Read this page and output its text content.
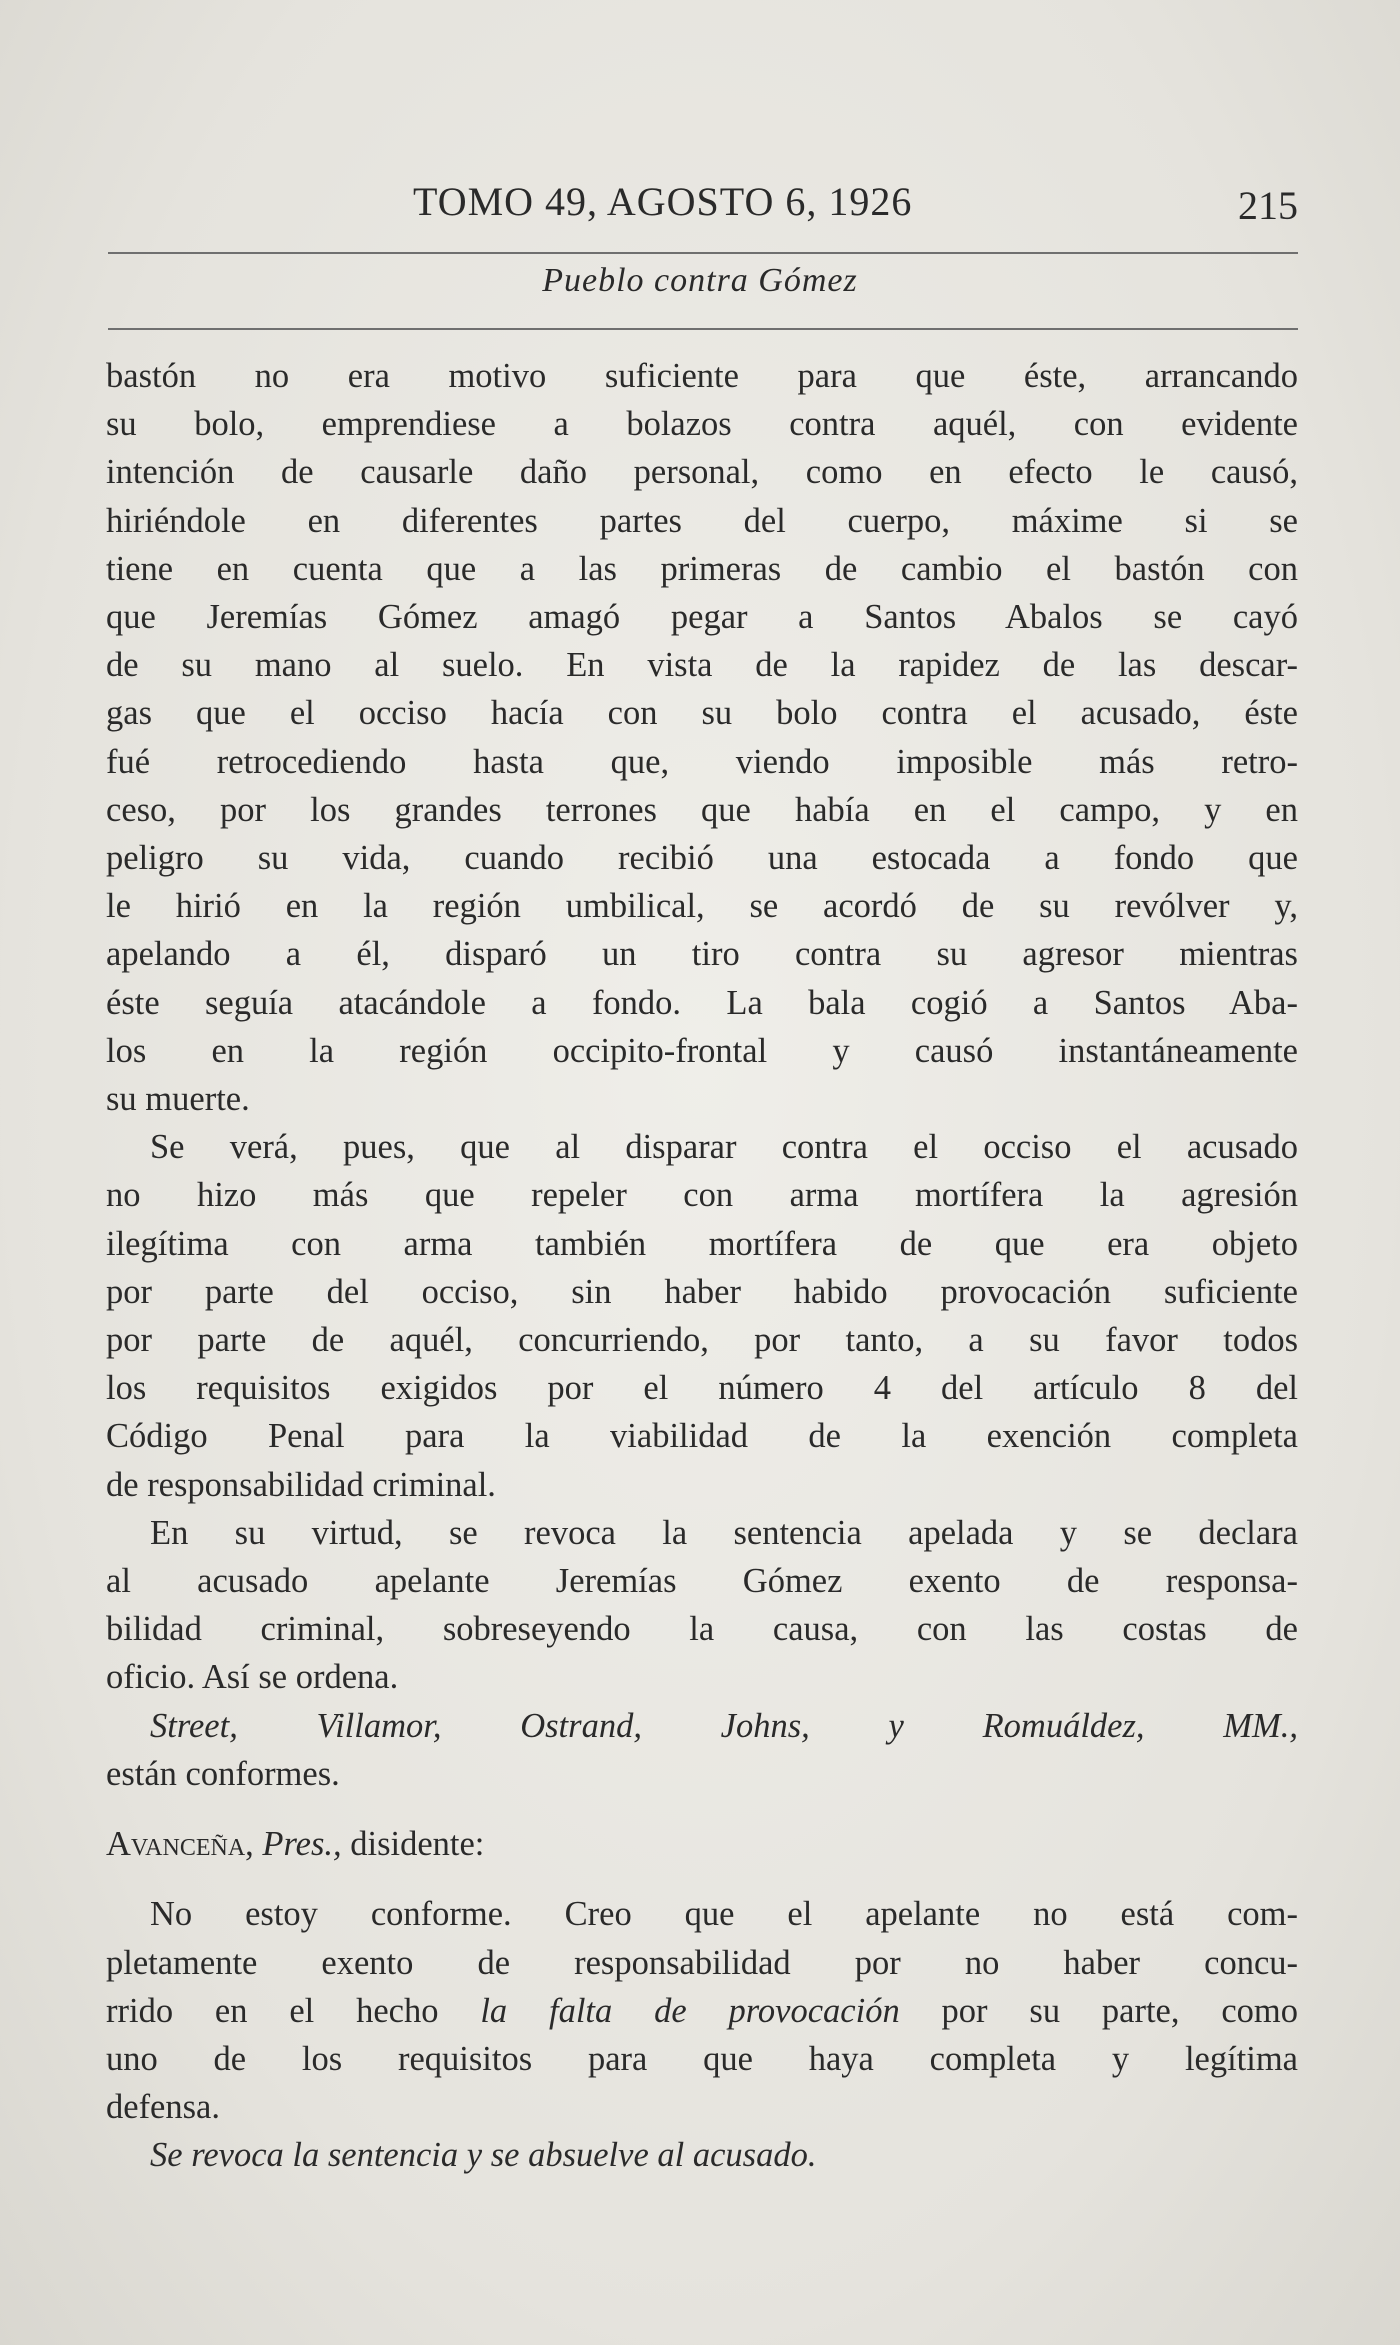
TOMO 49, AGOSTO 6, 1926	215
Pueblo contra Gómez
bastón no era motivo suficiente para que éste, arrancando
su bolo, emprendiese a bolazos contra aquél, con evidente
intención de causarle daño personal, como en efecto le causó,
hiriéndole en diferentes partes del cuerpo, máxime si se
tiene en cuenta que a las primeras de cambio el bastón con
que Jeremías Gómez amagó pegar a Santos Abalos se cayó
de su mano al suelo. En vista de la rapidez de las descar-
gas que el occiso hacía con su bolo contra el acusado, éste
fué retrocediendo hasta que, viendo imposible más retro-
ceso, por los grandes terrones que había en el campo, y en
peligro su vida, cuando recibió una estocada a fondo que
le hirió en la región umbilical, se acordó de su revólver y,
apelando a él, disparó un tiro contra su agresor mientras
éste seguía atacándole a fondo. La bala cogió a Santos Aba-
los en la región occipito-frontal y causó instantáneamente
su muerte.
Se verá, pues, que al disparar contra el occiso el acusado
no hizo más que repeler con arma mortífera la agresión
ilegítima con arma también mortífera de que era objeto
por parte del occiso, sin haber habido provocación suficiente
por parte de aquél, concurriendo, por tanto, a su favor todos
los requisitos exigidos por el número 4 del artículo 8 del
Código Penal para la viabilidad de la exención completa
de responsabilidad criminal.
En su virtud, se revoca la sentencia apelada y se declara
al acusado apelante Jeremías Gómez exento de responsa-
bilidad criminal, sobreseyendo la causa, con las costas de
oficio. Así se ordena.
Street, Villamor, Ostrand, Johns, y Romuáldez, MM.,
están conformes.
Avanceña, Pres., disidente:
No estoy conforme. Creo que el apelante no está com-
pletamente exento de responsabilidad por no haber concu-
rrido en el hecho la falta de provocación por su parte, como
uno de los requisitos para que haya completa y legítima
defensa.
Se revoca la sentencia y se absuelve al acusado.
